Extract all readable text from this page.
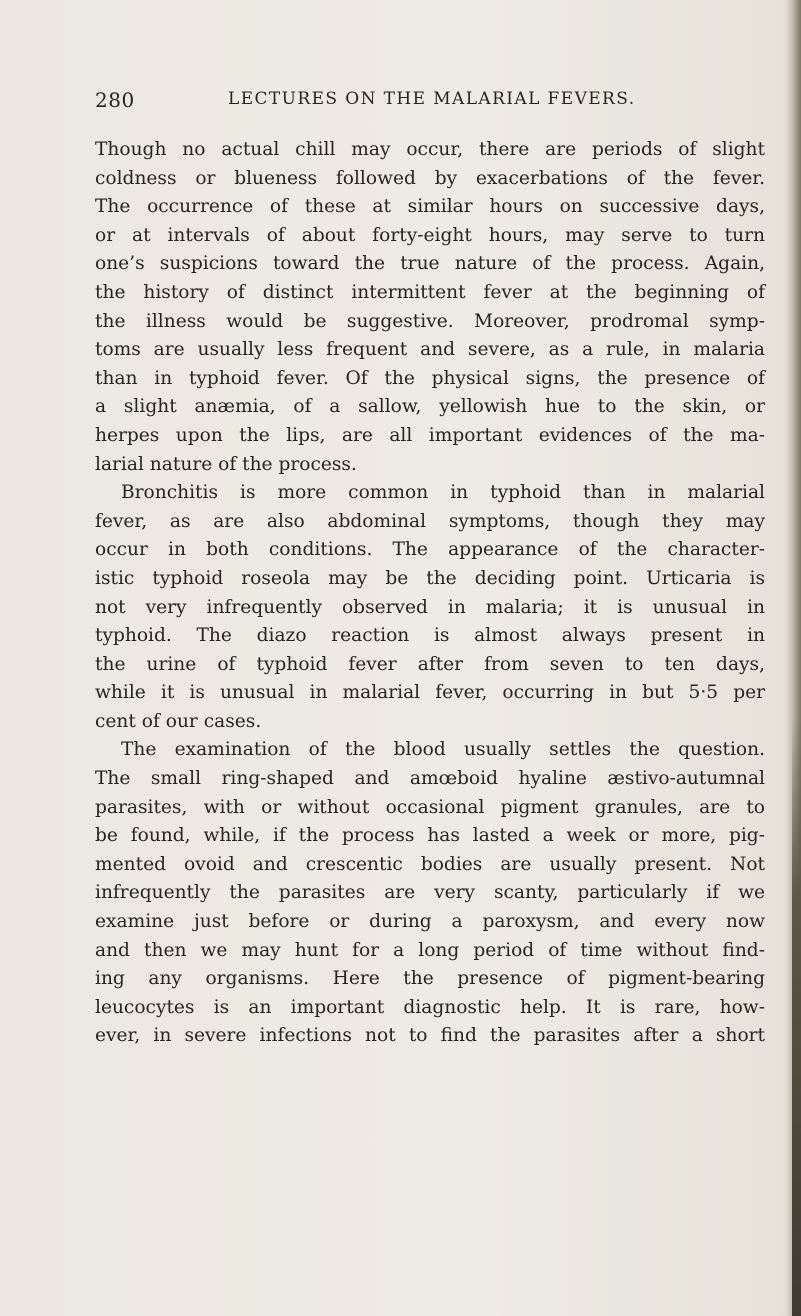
280	LECTURES ON THE MALARIAL FEVERS.
Though no actual chill may occur, there are periods of slight
coldness or blueness followed by exacerbations of the fever.
The occurrence of these at similar hours on successive days,
or at intervals of about forty-eight hours, may serve to turn
one’s suspicions toward the true nature of the process. Again,
the history of distinct intermittent fever at the beginning of
the illness would be suggestive. Moreover, prodromal symp-
toms are usually less frequent and severe, as a rule, in malaria
than in typhoid fever. Of the physical signs, the presence of
a slight anæmia, of a sallow, yellowish hue to the skin, or
herpes upon the lips, are all important evidences of the ma-
larial nature of the process.
Bronchitis is more common in typhoid than in malarial
fever, as are also abdominal symptoms, though they may
occur in both conditions. The appearance of the character-
istic typhoid roseola may be the deciding point. Urticaria is
not very infrequently observed in malaria; it is unusual in
typhoid. The diazo reaction is almost always present in
the urine of typhoid fever after from seven to ten days,
while it is unusual in malarial fever, occurring in but 5·5 per
cent of our cases.
The examination of the blood usually settles the question.
The small ring-shaped and amœboid hyaline æstivo-autumnal
parasites, with or without occasional pigment granules, are to
be found, while, if the process has lasted a week or more, pig-
mented ovoid and crescentic bodies are usually present. Not
infrequently the parasites are very scanty, particularly if we
examine just before or during a paroxysm, and every now
and then we may hunt for a long period of time without find-
ing any organisms. Here the presence of pigment-bearing
leucocytes is an important diagnostic help. It is rare, how-
ever, in severe infections not to find the parasites after a short
